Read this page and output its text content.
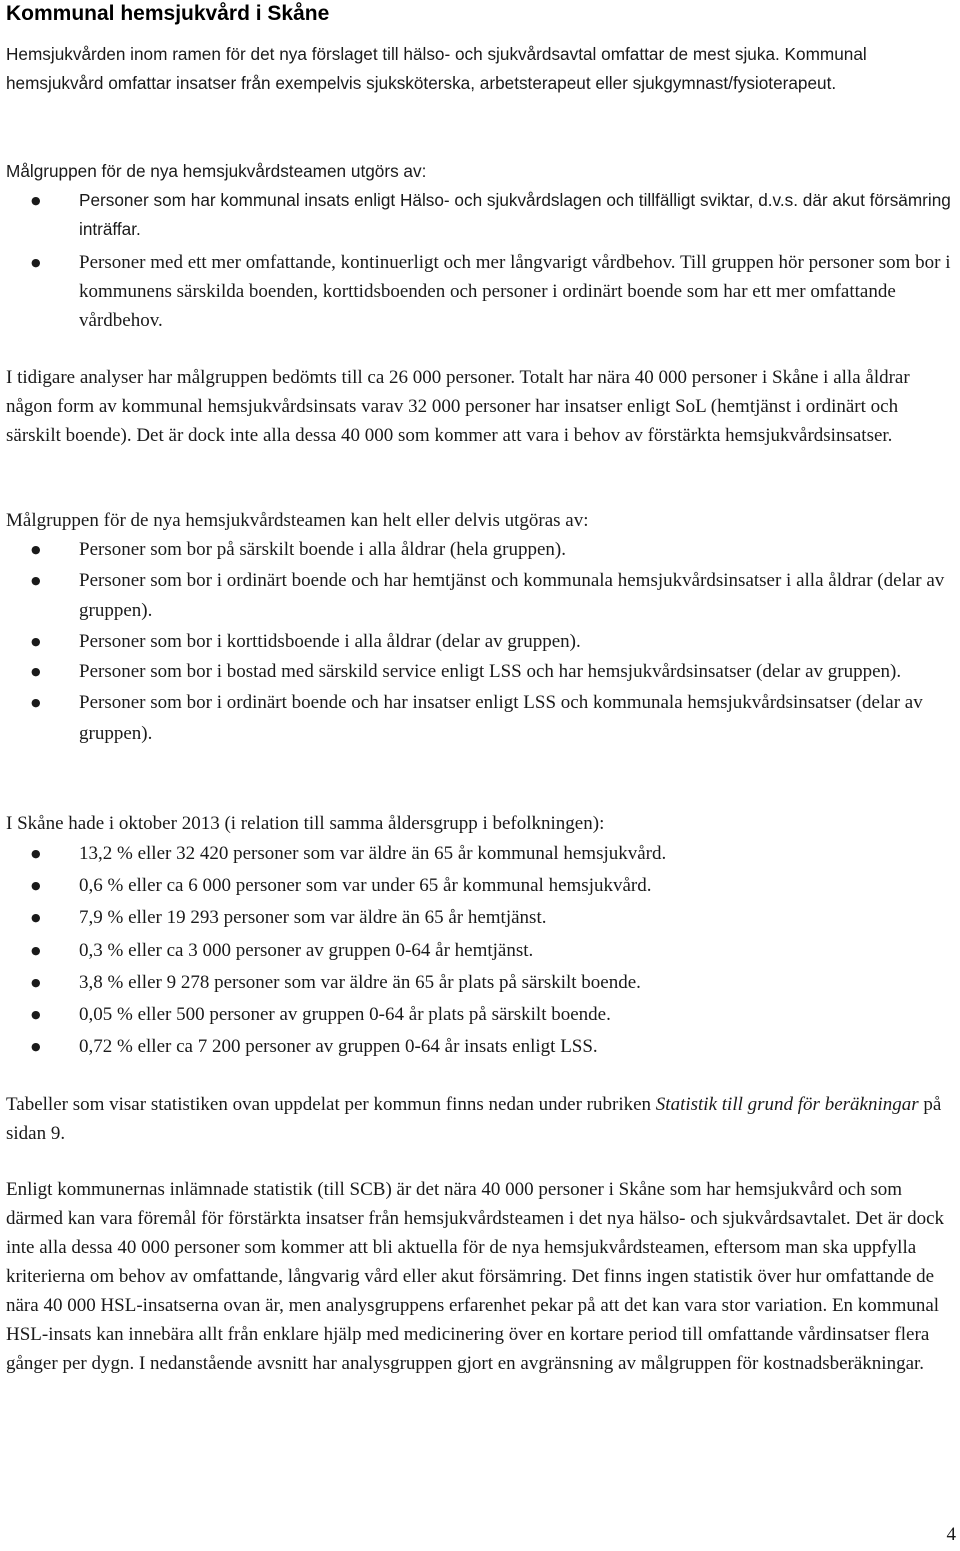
Kommunal hemsjukvård i Skåne

Hemsjukvården inom ramen för det nya förslaget till hälso- och sjukvårdsavtal omfattar de mest sjuka. Kommunal hemsjukvård omfattar insatser från exempelvis sjuksköterska, arbetsterapeut eller sjukgymnast/fysioterapeut.

Målgruppen för de nya hemsjukvårdsteamen utgörs av:

● Personer som har kommunal insats enligt Hälso- och sjukvårdslagen och tillfälligt sviktar, d.v.s. där akut försämring inträffar.
● Personer med ett mer omfattande, kontinuerligt och mer långvarigt vårdbehov. Till gruppen hör personer som bor i kommunens särskilda boenden, korttidsboenden och personer i ordinärt boende som har ett mer omfattande vårdbehov.

I tidigare analyser har målgruppen bedömts till ca 26 000 personer. Totalt har nära 40 000 personer i Skåne i alla åldrar någon form av kommunal hemsjukvårdsinsats varav 32 000 personer har insatser enligt SoL (hemtjänst i ordinärt och särskilt boende). Det är dock inte alla dessa 40 000 som kommer att vara i behov av förstärkta hemsjukvårdsinsatser.

Målgruppen för de nya hemsjukvårdsteamen kan helt eller delvis utgöras av:

● Personer som bor på särskilt boende i alla åldrar (hela gruppen).
● Personer som bor i ordinärt boende och har hemtjänst och kommunala hemsjukvårdsinsatser i alla åldrar (delar av gruppen).
● Personer som bor i korttidsboende i alla åldrar (delar av gruppen).
● Personer som bor i bostad med särskild service enligt LSS och har hemsjukvårdsinsatser (delar av gruppen).
● Personer som bor i ordinärt boende och har insatser enligt LSS och kommunala hemsjukvårdsinsatser (delar av gruppen).

I Skåne hade i oktober 2013 (i relation till samma åldersgrupp i befolkningen):

● 13,2 % eller 32 420 personer som var äldre än 65 år kommunal hemsjukvård.
● 0,6 % eller ca 6 000 personer som var under 65 år kommunal hemsjukvård.
● 7,9 % eller 19 293 personer som var äldre än 65 år hemtjänst.
● 0,3 % eller ca 3 000 personer av gruppen 0-64 år hemtjänst.
● 3,8 % eller 9 278 personer som var äldre än 65 år plats på särskilt boende.
● 0,05 % eller 500 personer av gruppen 0-64 år plats på särskilt boende.
● 0,72 % eller ca 7 200 personer av gruppen 0-64 år insats enligt LSS.

Tabeller som visar statistiken ovan uppdelat per kommun finns nedan under rubriken Statistik till grund för beräkningar på sidan 9.

Enligt kommunernas inlämnade statistik (till SCB) är det nära 40 000 personer i Skåne som har hemsjukvård och som därmed kan vara föremål för förstärkta insatser från hemsjukvårdsteamen i det nya hälso- och sjukvårdsavtalet. Det är dock inte alla dessa 40 000 personer som kommer att bli aktuella för de nya hemsjukvårdsteamen, eftersom man ska uppfylla kriterierna om behov av omfattande, långvarig vård eller akut försämring. Det finns ingen statistik över hur omfattande de nära 40 000 HSL-insatserna ovan är, men analysgruppens erfarenhet pekar på att det kan vara stor variation. En kommunal HSL-insats kan innebära allt från enklare hjälp med medicinering över en kortare period till omfattande vårdinsatser flera gånger per dygn. I nedanstående avsnitt har analysgruppen gjort en avgränsning av målgruppen för kostnadsberäkningar.

4
